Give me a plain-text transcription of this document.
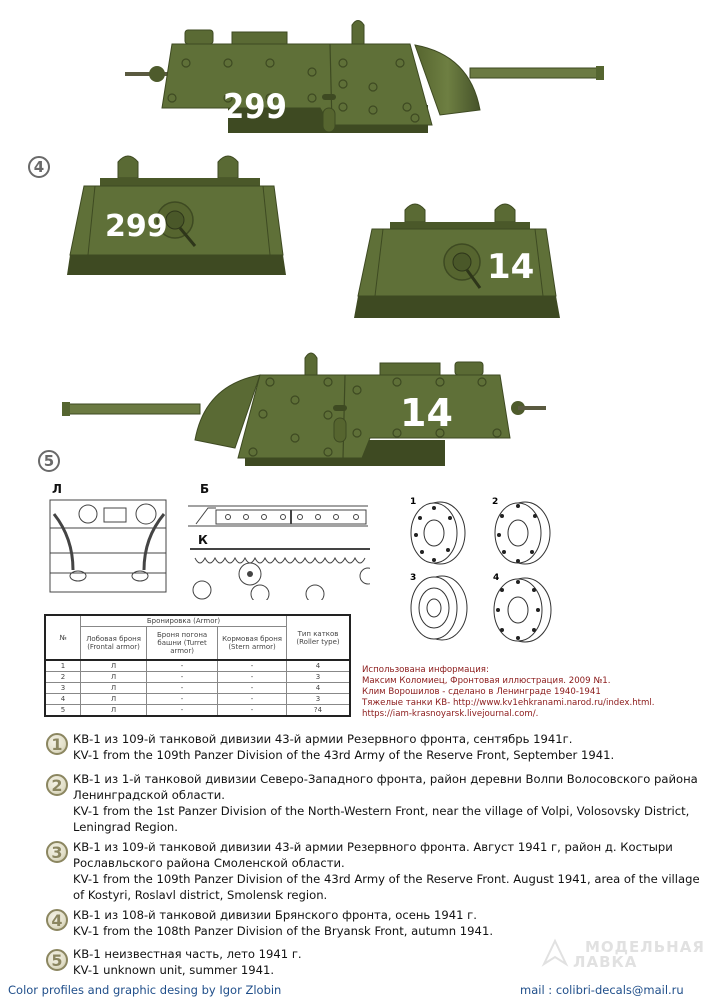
299
4
299
14
14
5
Л	Б
К
1	2
3	4
№	Бронировка (Armor)			Тип катков (Roller type)
	Лобовая броня (Frontal armor)	Броня погона башни (Turret armor)	Кормовая броня (Stern armor)	
1	Л	-	-	4
2	Л	-	-	3
3	Л	-	-	4
4	Л	-	-	3
5	Л	-	-	?4
Использована информация:
Максим Коломиец, Фронтовая иллюстрация. 2009 №1.
Клим Ворошилов - сделано в Ленинграде 1940-1941
Тяжелые танки КВ- http://www.kv1ehkranami.narod.ru/index.html.
https://iam-krasnoyarsk.livejournal.com/.
1 КВ-1 из 109-й танковой дивизии 43-й армии Резервного фронта, сентябрь 1941г.
KV-1 from the 109th Panzer Division of the 43rd Army of the Reserve Front, September 1941.
2 КВ-1 из 1-й танковой дивизии Северо-Западного фронта, район деревни Волпи Волосовского района
Ленинградской области.
KV-1 from the 1st Panzer Division of the North-Western Front, near the village of Volpi, Volosovsky District,
Leningrad Region.
3 КВ-1 из 109-й танковой дивизии 43-й армии Резервного фронта. Август 1941 г, район д. Костыри
Рославльского района Смоленской области.
KV-1 from the 109th Panzer Division of the 43rd Army of the Reserve Front. August 1941, area of the village
of Kostyri, Roslavl district, Smolensk region.
4 КВ-1 из 108-й танковой дивизии Брянского фронта, осень 1941 г.
KV-1 from the 108th Panzer Division of the Bryansk Front, autumn 1941.
5 КВ-1 неизвестная часть, лето 1941 г.
KV-1 unknown unit, summer 1941.
МОДЕЛЬНАЯ
ЛАВКА
Color profiles and graphic desing by Igor Zlobin	mail : colibri-decals@mail.ru
